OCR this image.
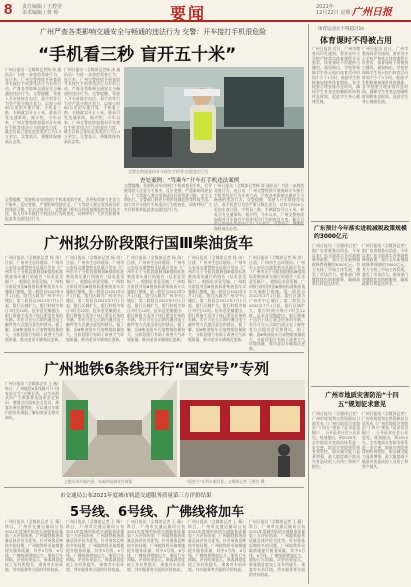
8 责任编辑 / 王碧莹
美术编辑 / 黄 婷	要闻	2021年
12月22日 星期三
广州日报
广州严查各类影响交通安全与畅通的违法行为 交警：开车接打手机很危险
“手机看三秒 盲开五十米”
广州日报讯（全媒体记者杨 涛 通讯员）为进一步规范驾驶行为，连日来，广州交警持续开展查纠开车接打手机等违法行为专项行动，严查各类影响交通安全与畅通的违法行为。交警提醒，驾驶人开车时接打电话、看手机等行为会严重分散注意力，以每小时60公里的车速计算，手机看三秒，车辆就盲开五十米，极易引发交通事故。据介绍，今年以来，广州交警持续加强对开车接打手机等违法行为的查处力度，截至目前已查处此类违法行为1.3万余宗。交警表示，将继续保持高压态势。
广州日报讯（全媒体记者杨 涛 通讯员）为进一步规范驾驶行为，连日来，广州交警持续开展查纠开车接打手机等违法行为专项行动，严查各类影响交通安全与畅通的违法行为。交警提醒，驾驶人开车时接打电话、看手机等行为会严重分散注意力，以每小时60公里的车速计算，手机看三秒，车辆就盲开五十米，极易引发交通事故。据介绍，今年以来，广州交警持续加强对开车接打手机等违法行为的查处力度，截至目前已查处此类违法行为1.3万余宗。交警表示，将继续保持高压态势。
交警提醒，驾驶机动车时接打手机或观看手机，会导致驾驶人注意力不集中，反应变慢，严重影响驾驶安全。广大驾驶人要自觉养成良好的驾驶习惯，安全文明出行。交警部门将充分利用视频监控等科技手段，加大对开车接打手机违法行为的查处，同时呼吁广大市民积极举报此类交通违法行为。
交警在路面查纠开车接打手机等交通违法行为
查处案例：“驾乘车”开车打手机违法案例
交警提醒，驾驶机动车时接打手机或观看手机，会导致驾驶人注意力不集中，反应变慢，严重影响驾驶安全。广大驾驶人要自觉养成良好的驾驶习惯，安全文明出行。交警部门将充分利用视频监控等科技手段，加大对开车接打手机违法行为的查处，同时呼吁广大市民积极举报此类交通违法行为。
广州日报讯（全媒体记者杨 涛 通讯员）为进一步规范驾驶行为，连日来，广州交警持续开展查纠开车接打手机等违法行为专项行动，严查各类影响交通安全与畅通的违法行为。交警提醒，驾驶人开车时接打电话、看手机等行为会严重分散注意力，以每小时60公里的车速计算，手机看三秒，车辆就盲开五十米，极易引发交通事故。据介绍，今年以来，广州交警持续加强对开车接打手机等违法行为的查处力度，截至目 保持高压态势。
广州拟分阶段限行国Ⅲ柴油货车
广州日报讯（全媒体记者 杨 涛）日前，广州市生态环境局、广州市公安局交通警察支队联合发布《广州市关于分阶段限制国Ⅲ排放标准柴油货车通行的通告（征求意见稿）》。根据征求意见稿，广州拟分阶段对国Ⅲ排放标准柴油货车实施限行措施，第一阶段自2022年3月1日起，限行区域为广州市中心城区；第二阶段自2022年7月1日起，限行区域扩大。限行时间为每日7时至22时。征求意见稿提出，限行措施不适用于执行紧急任务的车辆。市民可在公示期内通过电子邮件等方式提出意见和建议。据了解，国Ⅲ柴油货车污染物排放量较大，分阶段限行有助于改善大气环境质量，推动老旧车辆淘汰更新。
广州日报讯（全媒体记者 杨 涛）日前，广州市生态环境局、广州市公安局交通警察支队联合发布《广州市关于分阶段限制国Ⅲ排放标准柴油货车通行的通告（征求意见稿）》。根据征求意见稿，广州拟分阶段对国Ⅲ排放标准柴油货车实施限行措施，第一阶段自2022年3月1日起，限行区域为广州市中心城区；第二阶段自2022年7月1日起，限行区域扩大。限行时间为每日7时至22时。征求意见稿提出，限行措施不适用于执行紧急任务的车辆。市民可在公示期内通过电子邮件等方式提出意见和建议。据了解，国Ⅲ柴油货车污染物排放量较大，分阶段限行有助于改善大气环境质量，推动老旧车辆淘汰更新。
广州日报讯（全媒体记者 杨 涛）日前，广州市生态环境局、广州市公安局交通警察支队联合发布《广州市关于分阶段限制国Ⅲ排放标准柴油货车通行的通告（征求意见稿）》。根据征求意见稿，广州拟分阶段对国Ⅲ排放标准柴油货车实施限行措施，第一阶段自2022年3月1日起，限行区域为广州市中心城区；第二阶段自2022年7月1日起，限行区域扩大。限行时间为每日7时至22时。征求意见稿提出，限行措施不适用于执行紧急任务的车辆。市民可在公示期内通过电子邮件等方式提出意见和建议。据了解，国Ⅲ柴油货车污染物排放量较大，分阶段限行有助于改善大气环境质量，推动老旧车辆淘汰更新。
广州日报讯（全媒体记者 杨 涛）日前，广州市生态环境局、广州市公安局交通警察支队联合发布《广州市关于分阶段限制国Ⅲ排放标准柴油货车通行的通告（征求意见稿）》。根据征求意见稿，广州拟分阶段对国Ⅲ排放标准柴油货车实施限行措施，第一阶段自2022年3月1日起，限行区域为广州市中心城区；第二阶段自2022年7月1日起，限行区域扩大。限行时间为每日7时至22时。征求意见稿提出，限行措施不适用于执行紧急任务的车辆。市民可在公示期内通过电子邮件等方式提出意见和建议。据了解，国Ⅲ柴油货车污染物排放量较大，分阶段限行有助于改善大气环境质量，推动老旧车辆淘汰更新。
广州日报讯（全媒体记者 杨 涛）日前，广州市生态环境局、广州市公安局交通警察支队联合发布《广州市关于分阶段限制国Ⅲ排放标准柴油货车通行的通告（征求意见稿）》。根据征求意见稿，广州拟分阶段对国Ⅲ排放标准柴油货车实施限行措施，第一阶段自2022年3月1日起，限行区域为广州市中心城区；第二阶段自2022年7月1日起，限行区域扩大。限行时间为每日7时至22时。征求意见稿提出，限行措施不适用于执行紧急任务的车辆。市民可在公示期内通过电子邮件等方式提出意见和建议。据了解，国Ⅲ柴油货车污染物排放量较大，分阶段限行有助于改善大气环境质量，推动老旧车辆淘汰更新。
广州地铁6条线开行“国安号”专列
广州日报讯（全媒体记者 王 薇）昨日，广州地铁6条线路开行“国家安全号”主题专列，以生动形式向广大乘客普及国家安全知识，增强全民国家安全意识。乘客在乘坐地铁时，可以通过车厢内的宣传海报了解国家安全相关知识。
主题专列车厢内景，车厢内贴满宣传海报	“国安号”专列车厢内景。全媒体记者 王维宣 摄
市交通局公布2021年度城市轨道交通服务质量第三方评价结果
5号线、6号线、广佛线将加车
广州日报讯（全媒体记者 王 薇）昨日，广州市交通运输局公布2021年度城市轨道交通服务质量第三方评价结果，广州地铁服务质量总体评价为优秀。针对乘客反映较多的问题，广州地铁将采取措施提升服务质量，其中5号线、6号线、广佛线将增加运力，缩短行车间隔。评价结果显示，乘客满意度较上年有所提升，乘客对车站环境、列车服务等方面的评价较高。
广州日报讯（全媒体记者 王 薇）昨日，广州市交通运输局公布2021年度城市轨道交通服务质量第三方评价结果，广州地铁服务质量总体评价为优秀。针对乘客反映较多的问题，广州地铁将采取措施提升服务质量，其中5号线、6号线、广佛线将增加运力，缩短行车间隔。评价结果显示，乘客满意度较上年有所提升，乘客对车站环境、列车服务等方面的评价较高。
广州日报讯（全媒体记者 王 薇）昨日，广州市交通运输局公布2021年度城市轨道交通服务质量第三方评价结果，广州地铁服务质量总体评价为优秀。针对乘客反映较多的问题，广州地铁将采取措施提升服务质量，其中5号线、6号线、广佛线将增加运力，缩短行车间隔。评价结果显示，乘客满意度较上年有所提升，乘客对车站环境、列车服务等方面的评价较高。
广州日报讯（全媒体记者 王 薇）昨日，广州市交通运输局公布2021年度城市轨道交通服务质量第三方评价结果，广州地铁服务质量总体评价为优秀。针对乘客反映较多的问题，广州地铁将采取措施提升服务质量，其中5号线、6号线、广佛线将增加运力，缩短行车间隔。评价结果显示，乘客满意度较上年有所提升，乘客对车站环境、列车服务等方面的评价较高。
广州日报讯（全媒体记者 王 薇）昨日，广州市交通运输局公布2021年度城市轨道交通服务质量第三方评价结果，广州地铁服务质量总体评价为优秀。针对乘客反映较多的问题，广州地铁将采取措施提升服务质量，其中5号线、6号线、广佛线将增加运力，缩短行车间隔。评价结果显示，乘客满意度较上年有所提升，乘客对车站环境、列车服务等方面的评价较高。
体育运动计不得超过1h
体育课时不得被占用
广州日报讯 近日，广州市教育局印发通知，要求各中小学校严格落实体育课程开设要求，体育课时不得被挤占挪用。通知指出，学校要保障学生每天校内体育活动时间不少于1小时，鼓励学生积极参加课外体育锻炼。各学校要合理安排作息时间，确保学生有充足的睡眠时间和休息时间，促进学生身心健康发展。
广州日报讯 近日，广州市教育局印发通知，要求各中小学校严格落实体育课程开设要求，体育课时不得被挤占挪用。通知指出，学校要保障学生每天校内体育活动时间不少于1小时，鼓励学生积极参加课外体育锻炼。各学校要合理安排作息时间，确保学生有充足的睡眠时间和休息时间，促进学生身心健康发展。
广东预计今年落实进税减税政策规模约3000亿元
广州日报讯（全媒体记者）据广东省税务局消息，今年以来广东全面落实各项减税降费政策，预计全年新增减税降费规模约3000亿元，有力支持了市场主体发展，激发了市场活力。税务部门将继续优化纳税服务，确保政策红利直达快享。
广州日报讯（全媒体记者）据广东省税务局消息，今年以来广东全面落实各项减税降费政策，预计全年新增减税降费规模约3000亿元，有力支持了市场主体发展，激发了市场活力。税务部门将继续优化纳税服务，确保政策红利直达快享。
广州市地质灾害防治“十四五”规划征求意见
广州日报讯（全媒体记者）广州市规划和自然资源局日前发布《广州市地质灾害防治“十四五”规划（征求意见稿）》，公开征求社会公众意见。规划提出，到2025年，全市地质灾害防治体系进一步完善，地质灾害隐患得到有效管控，防灾减灾能力显著增强，最大限度减少地质灾害造成的人员伤亡和财产损失。
广州日报讯（全媒体记者）广州市规划和自然资源局日前发布《广州市地质灾害防治“十四五”规划（征求意见稿）》，公开征求社会公众意见。规划提出，到2025年，全市地质灾害防治体系进一步完善，地质灾害隐患得到有效管控，防灾减灾能力显著增强，最大限度减少地质灾害造成的人员伤亡和财产损失。
